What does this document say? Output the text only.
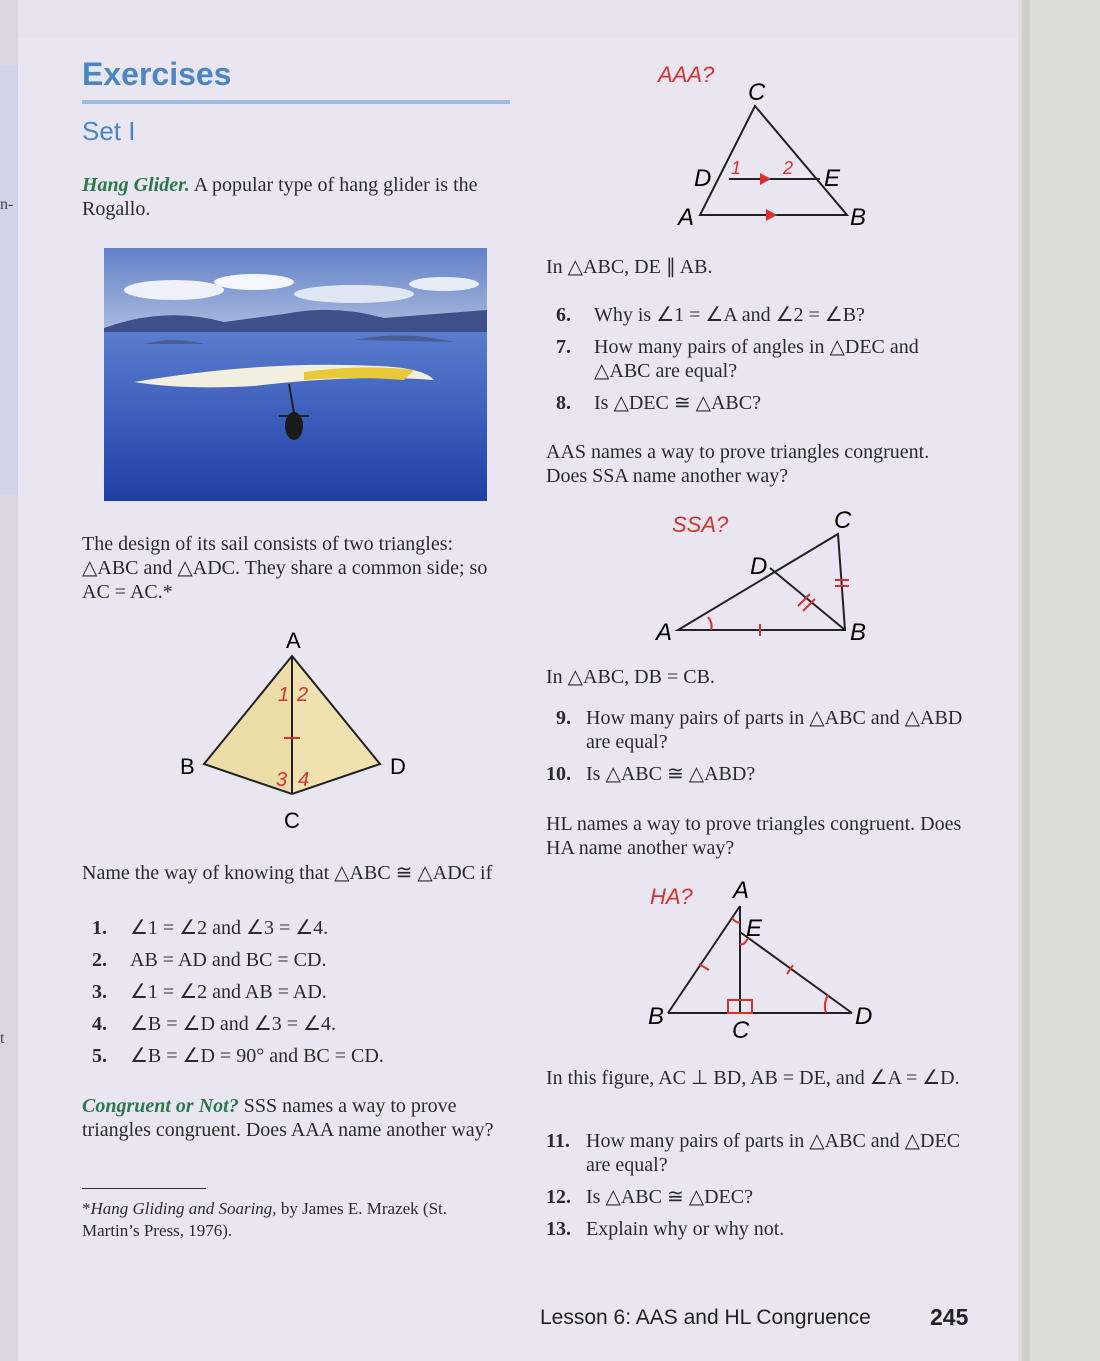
n-
t
Exercises
Set I
Hang Glider. A popular type of hang glider is the Rogallo.
The design of its sail consists of two triangles: △ABC and △ADC. They share a common side; so AC = AC.*
A
B
C
D
1 2
3 4
Name the way of knowing that △ABC ≅ △ADC if
1. ∠1 = ∠2 and ∠3 = ∠4.
2. AB = AD and BC = CD.
3. ∠1 = ∠2 and AB = AD.
4. ∠B = ∠D and ∠3 = ∠4.
5. ∠B = ∠D = 90° and BC = CD.
Congruent or Not? SSS names a way to prove triangles congruent. Does AAA name another way?
*Hang Gliding and Soaring, by James E. Mrazek (St. Martin’s Press, 1976).
AAA?
C
D	E
A	B
1 2
In △ABC, DE ∥ AB.
6. Why is ∠1 = ∠A and ∠2 = ∠B?
7. How many pairs of angles in △DEC and △ABC are equal?
8. Is △DEC ≅ △ABC?
AAS names a way to prove triangles congruent. Does SSA name another way?
SSA?	C
D
A	B
In △ABC, DB = CB.
9. How many pairs of parts in △ABC and △ABD are equal?
10. Is △ABC ≅ △ABD?
HL names a way to prove triangles congruent. Does HA name another way?
HA? A
E
B
C
D
In this figure, AC ⊥ BD, AB = DE, and ∠A = ∠D.
11. How many pairs of parts in △ABC and △DEC are equal?
12. Is △ABC ≅ △DEC?
13. Explain why or why not.
Lesson 6: AAS and HL Congruence	245
